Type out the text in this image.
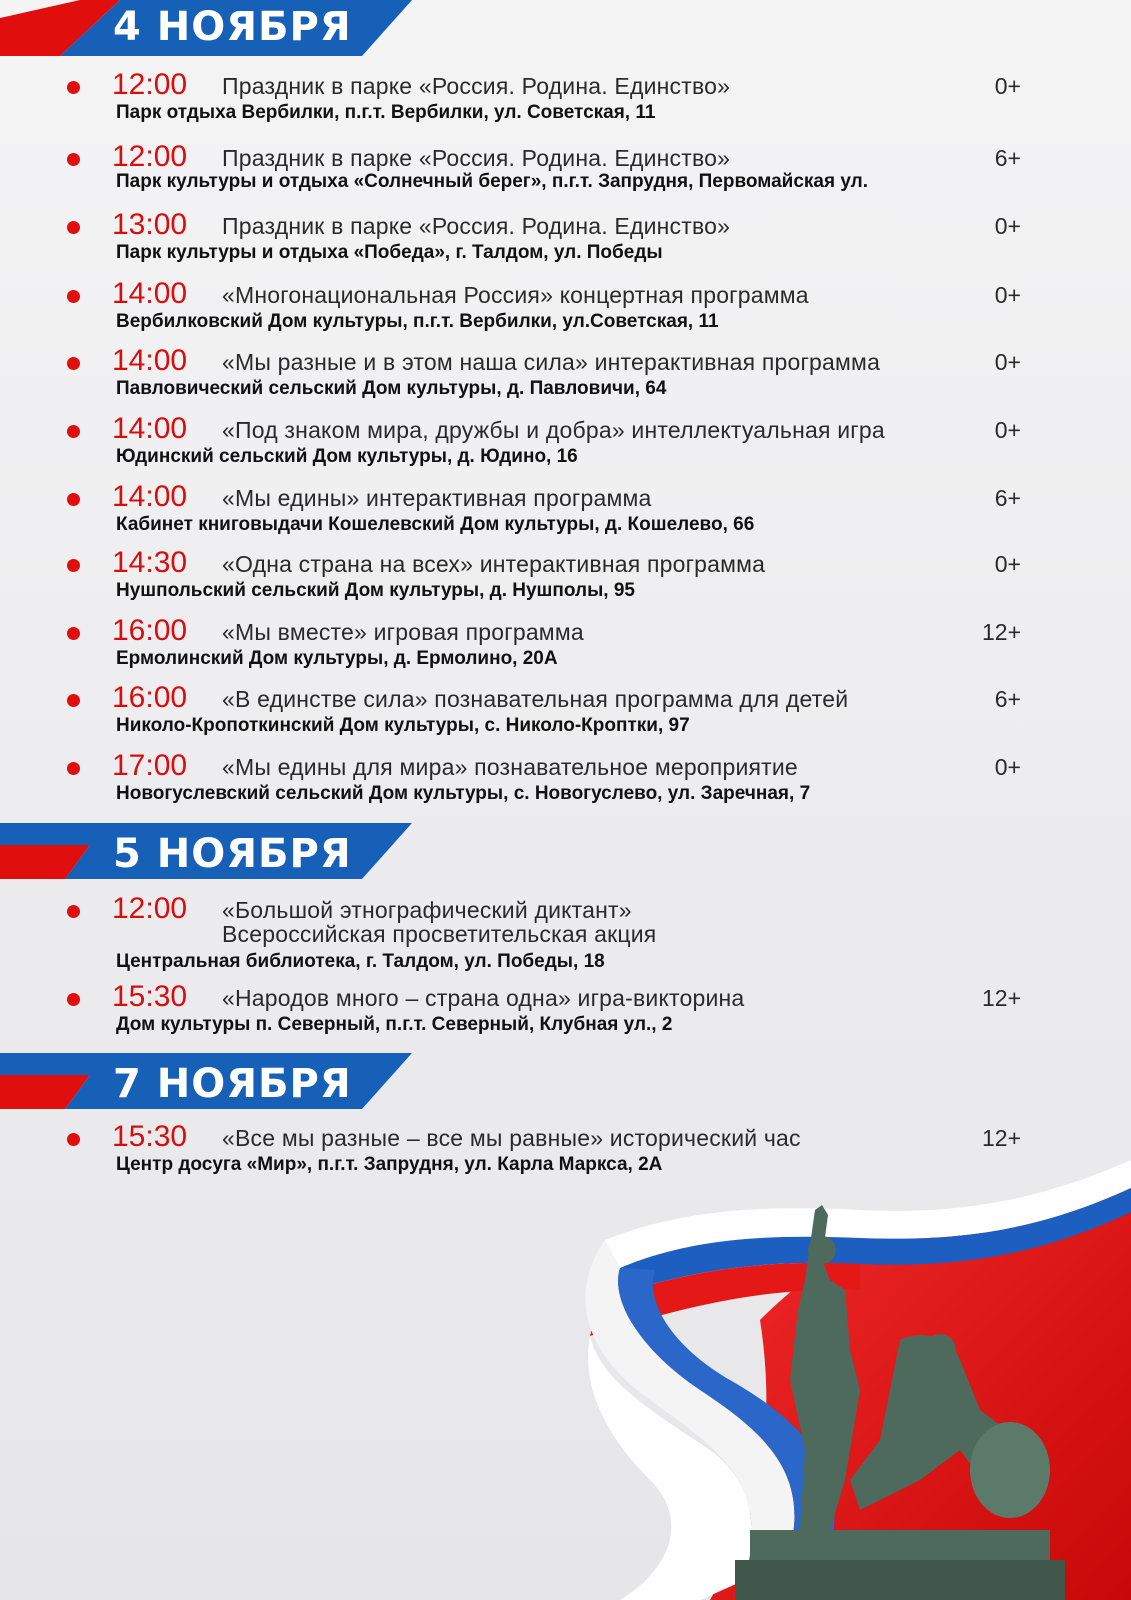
4 НОЯБРЯ
5 НОЯБРЯ
7 НОЯБРЯ
12:00 Праздник в парке «Россия. Родина. Единство»	0+
Парк отдыха Вербилки, п.г.т. Вербилки, ул. Советская, 11
12:00 Праздник в парке «Россия. Родина. Единство»	6+
Парк культуры и отдыха «Солнечный берег», п.г.т. Запрудня, Первомайская ул.
13:00 Праздник в парке «Россия. Родина. Единство»	0+
Парк культуры и отдыха «Победа», г. Талдом, ул. Победы
14:00 «Многонациональная Россия» концертная программа	0+
Вербилковский Дом культуры, п.г.т. Вербилки, ул.Советская, 11
14:00 «Мы разные и в этом наша сила» интерактивная программа	0+
Павловический сельский Дом культуры, д. Павловичи, 64
14:00 «Под знаком мира, дружбы и добра» интеллектуальная игра	0+
Юдинский сельский Дом культуры, д. Юдино, 16
14:00 «Мы едины» интерактивная программа	6+
Кабинет книговыдачи Кошелевский Дом культуры, д. Кошелево, 66
14:30 «Одна страна на всех» интерактивная программа	0+
Нушпольский сельский Дом культуры, д. Нушполы, 95
16:00 «Мы вместе» игровая программа	12+
Ермолинский Дом культуры, д. Ермолино, 20А
16:00 «В единстве сила» познавательная программа для детей	6+
Николо-Кропоткинский Дом культуры, с. Николо-Кроптки, 97
17:00 «Мы едины для мира» познавательное мероприятие	0+
Новогуслевский сельский Дом культуры, с. Новогуслево, ул. Заречная, 7
12:00 «Большой этнографический диктант»
Всероссийская просветительская акция
Центральная библиотека, г. Талдом, ул. Победы, 18
15:30 «Народов много – страна одна» игра-викторина	12+
Дом культуры п. Северный, п.г.т. Северный, Клубная ул., 2
15:30 «Все мы разные – все мы равные» исторический час	12+
Центр досуга «Мир», п.г.т. Запрудня, ул. Карла Маркса, 2А
